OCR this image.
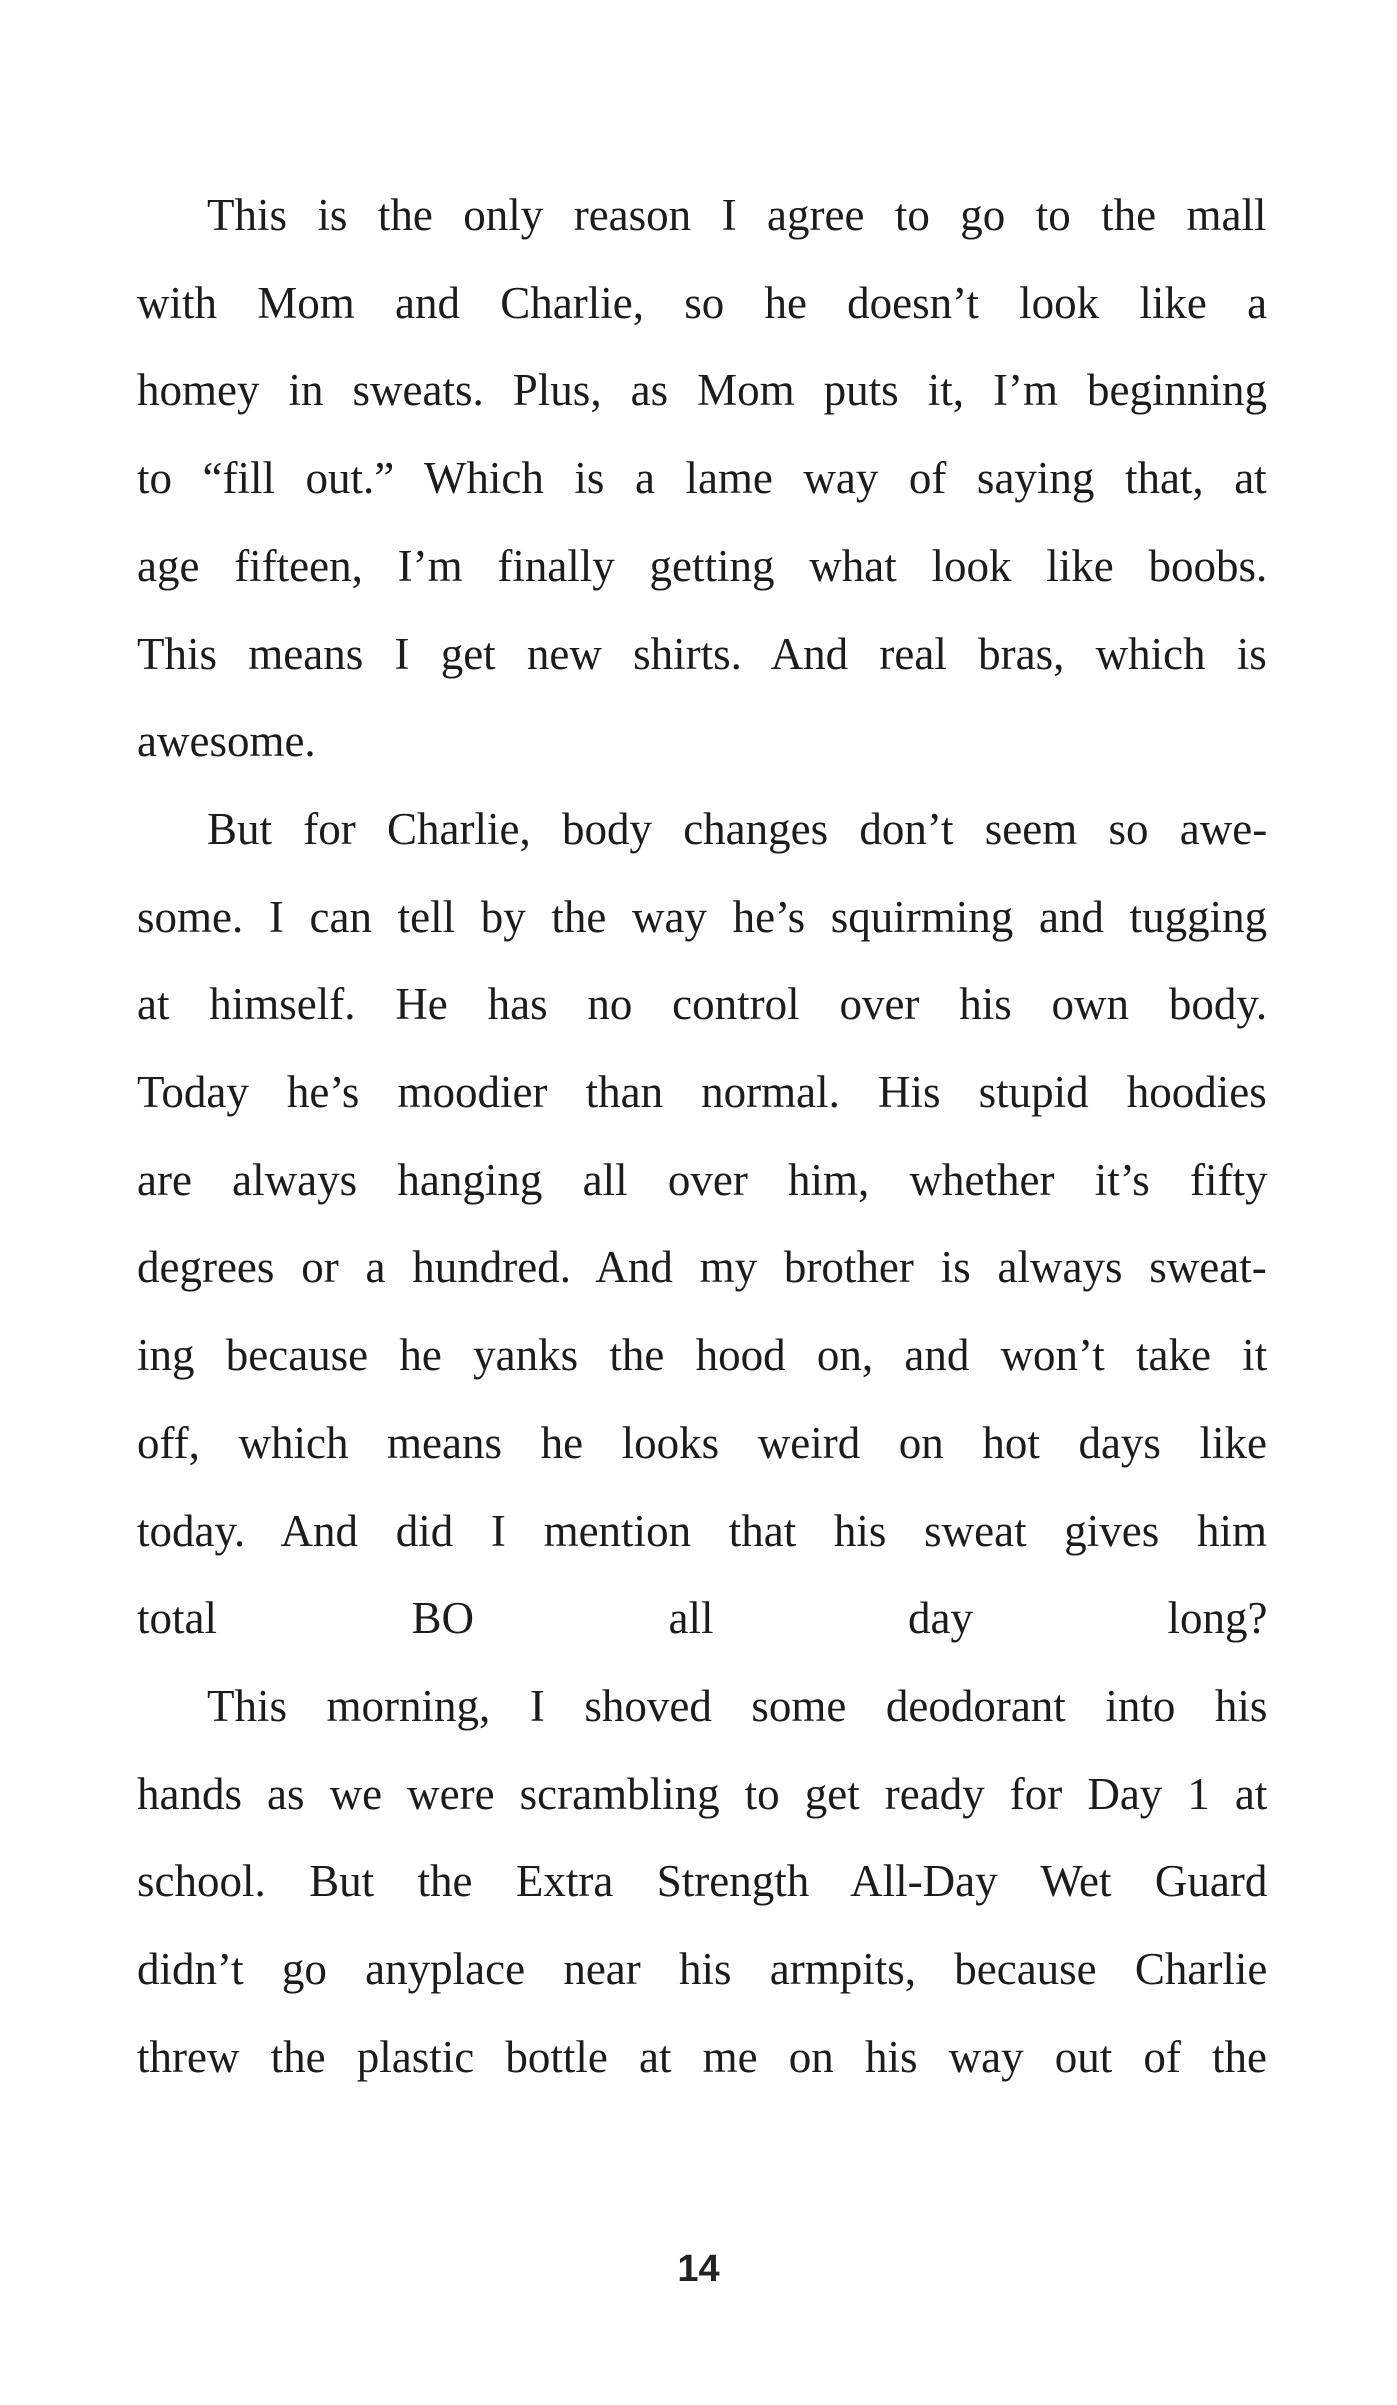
This is the only reason I agree to go to the mall
with Mom and Charlie, so he doesn’t look like a
homey in sweats. Plus, as Mom puts it, I’m beginning
to “fill out.” Which is a lame way of saying that, at
age fifteen, I’m finally getting what look like boobs.
This means I get new shirts. And real bras, which is
awesome.

But for Charlie, body changes don’t seem so awe-
some. I can tell by the way he’s squirming and tugging
at himself. He has no control over his own body.
Today he’s moodier than normal. His stupid hoodies
are always hanging all over him, whether it’s fifty
degrees or a hundred. And my brother is always sweat-
ing because he yanks the hood on, and won’t take it
off, which means he looks weird on hot days like
today. And did I mention that his sweat gives him
total BO all day long?

This morning, I shoved some deodorant into his
hands as we were scrambling to get ready for Day 1 at
school. But the Extra Strength All-Day Wet Guard
didn’t go anyplace near his armpits, because Charlie
threw the plastic bottle at me on his way out of the

14
